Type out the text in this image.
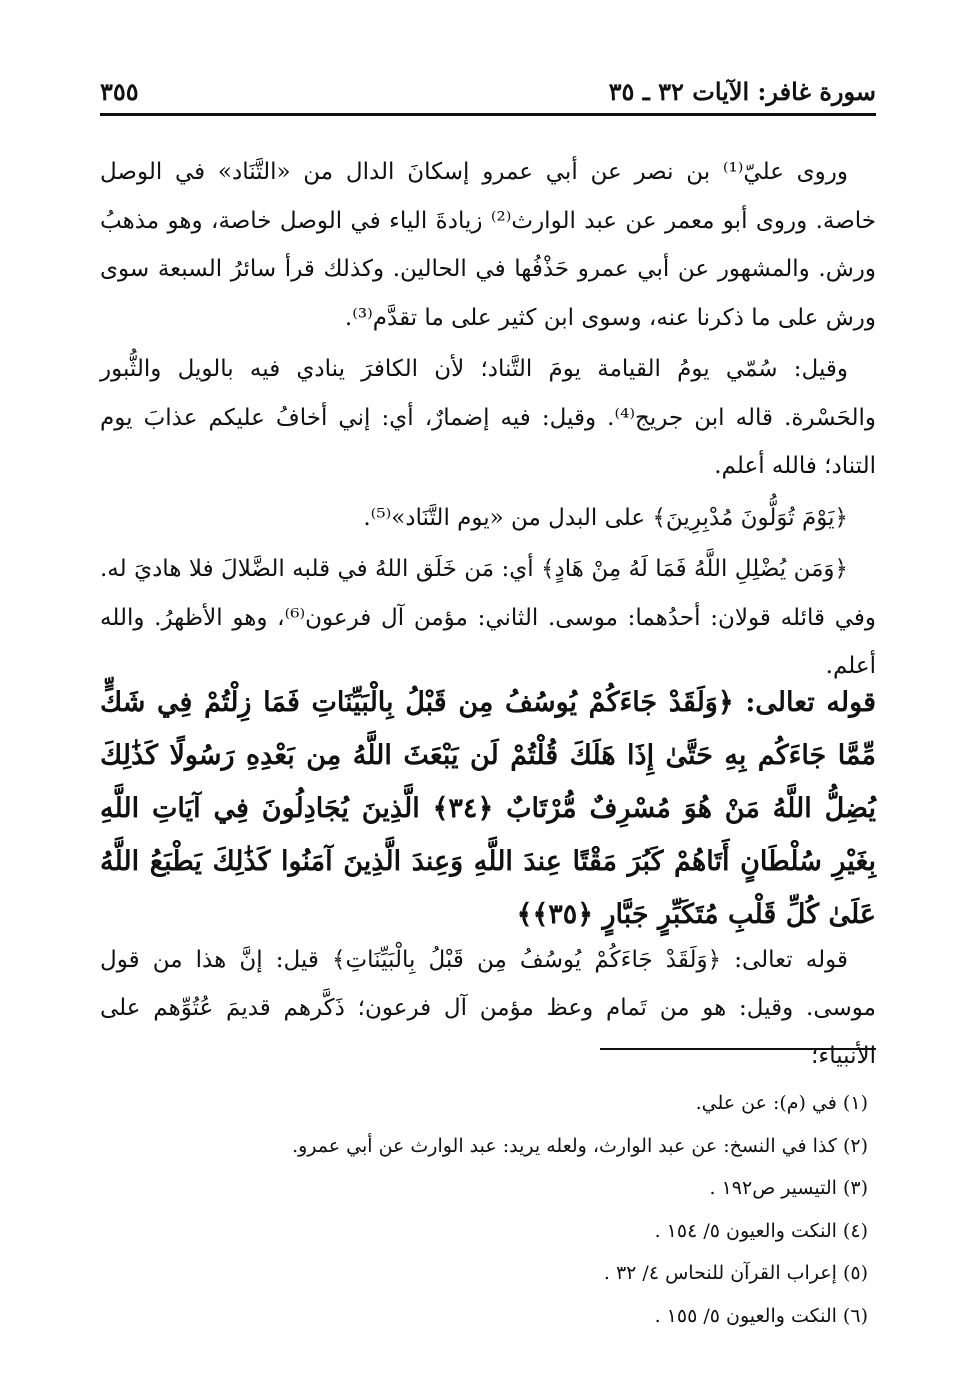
سورة غافر: الآيات ٣٢ ـ ٣٥
٣٥٥

وروى عليّ⁽¹⁾ بن نصر عن أبي عمرو إسكانَ الدال من «التَّنَاد» في الوصل خاصة. وروى أبو معمر عن عبد الوارث⁽²⁾ زيادةَ الياء في الوصل خاصة، وهو مذهبُ ورش. والمشهور عن أبي عمرو حَذْفُها في الحالين. وكذلك قرأ سائرُ السبعة سوى ورش على ما ذكرنا عنه، وسوى ابن كثير على ما تقدَّم⁽³⁾.

وقيل: سُمّي يومُ القيامة يومَ التَّناد؛ لأن الكافرَ ينادي فيه بالويل والثُّبور والحَسْرة. قاله ابن جريج⁽⁴⁾. وقيل: فيه إضمارٌ، أي: إني أخافُ عليكم عذابَ يوم التناد؛ فالله أعلم.

﴿يَوْمَ تُوَلُّونَ مُدْبِرِينَ﴾ على البدل من «يوم التَّنَاد»⁽⁵⁾.

﴿وَمَن يُضْلِلِ اللَّهُ فَمَا لَهُ مِنْ هَادٍ﴾ أي: مَن خَلَق اللهُ في قلبه الضَّلالَ فلا هاديَ له. وفي قائله قولان: أحدُهما: موسى. الثاني: مؤمن آل فرعون⁽⁶⁾، وهو الأظهرُ. والله أعلم.

قوله تعالى: ﴿وَلَقَدْ جَاءَكُمْ يُوسُفُ مِن قَبْلُ بِالْبَيِّنَاتِ فَمَا زِلْتُمْ فِي شَكٍّ مِّمَّا جَاءَكُم بِهِ حَتَّىٰ إِذَا هَلَكَ قُلْتُمْ لَن يَبْعَثَ اللَّهُ مِن بَعْدِهِ رَسُولًا كَذَٰلِكَ يُضِلُّ اللَّهُ مَنْ هُوَ مُسْرِفٌ مُّرْتَابٌ ﴿٣٤﴾ الَّذِينَ يُجَادِلُونَ فِي آيَاتِ اللَّهِ بِغَيْرِ سُلْطَانٍ أَتَاهُمْ كَبُرَ مَقْتًا عِندَ اللَّهِ وَعِندَ الَّذِينَ آمَنُوا كَذَٰلِكَ يَطْبَعُ اللَّهُ عَلَىٰ كُلِّ قَلْبِ مُتَكَبِّرٍ جَبَّارٍ ﴿٣٥﴾﴾

قوله تعالى: ﴿وَلَقَدْ جَاءَكُمْ يُوسُفُ مِن قَبْلُ بِالْبَيِّنَاتِ﴾ قيل: إنَّ هذا من قول موسى. وقيل: هو من تَمام وعظ مؤمن آل فرعون؛ ذَكَّرهم قديمَ عُتُوِّهم على الأنبياء؛

(١) في (م): عن علي.
(٢) كذا في النسخ: عن عبد الوارث، ولعله يريد: عبد الوارث عن أبي عمرو.
(٣) التيسير ص١٩٢ .
(٤) النكت والعيون ٥/ ١٥٤ .
(٥) إعراب القرآن للنحاس ٤/ ٣٢ .
(٦) النكت والعيون ٥/ ١٥٥ .
